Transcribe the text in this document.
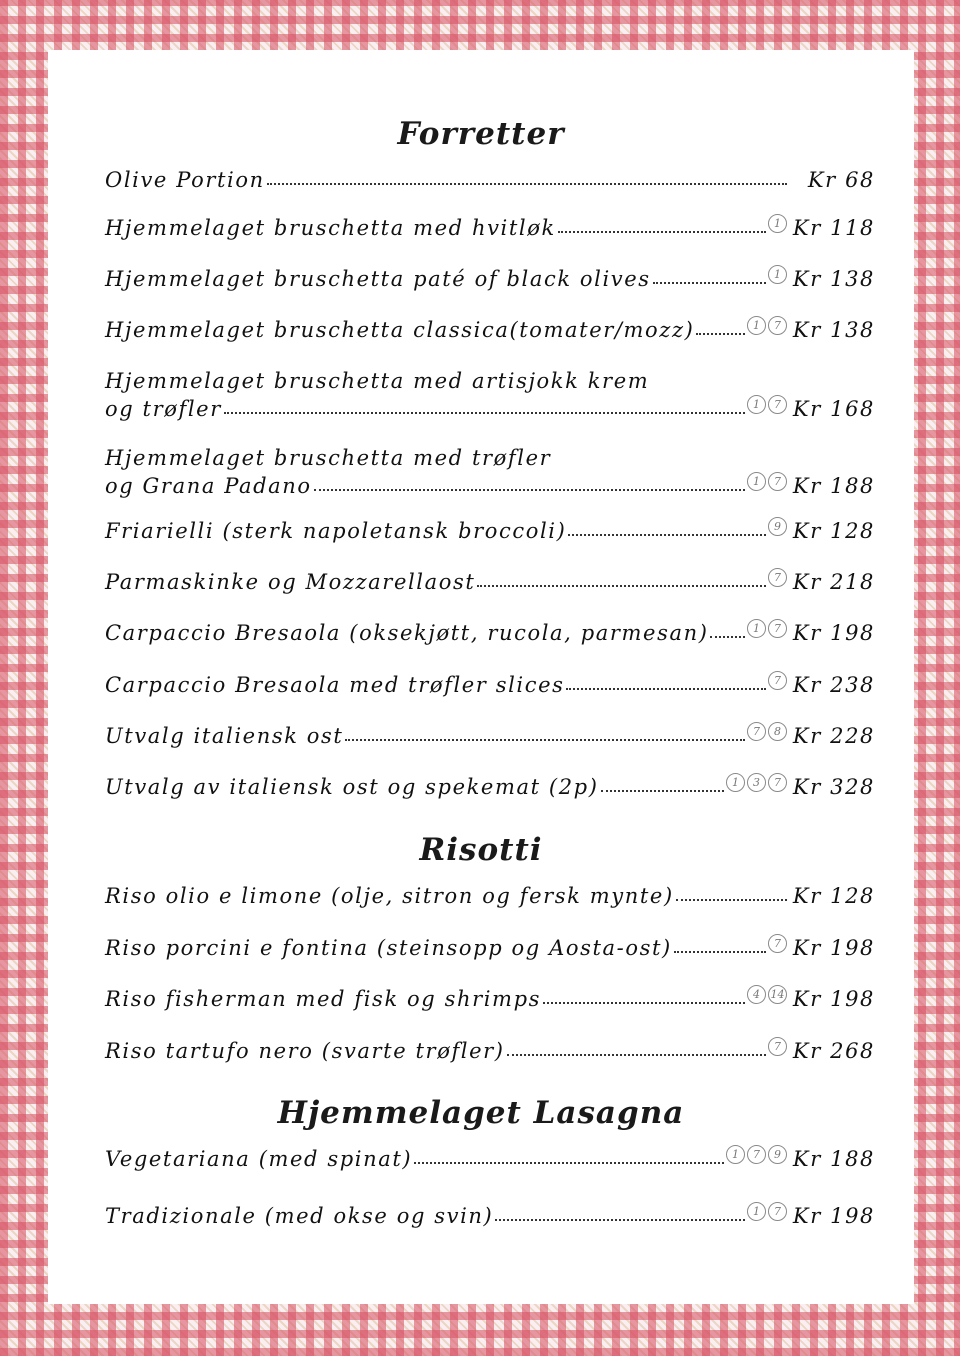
Forretter
Olive Portion	Kr 68
Hjemmelaget bruschetta med hvitløk	1 Kr 118
Hjemmelaget bruschetta paté of black olives	1 Kr 138
Hjemmelaget bruschetta classica(tomater/mozz)	1	7 Kr 138
Hjemmelaget bruschetta med artisjokk krem
og trøfler	1	7 Kr 168
Hjemmelaget bruschetta med trøfler
og Grana Padano	1	7 Kr 188
Friarielli (sterk napoletansk broccoli)	9 Kr 128
Parmaskinke og Mozzarellaost	7 Kr 218
Carpaccio Bresaola (oksekjøtt, rucola, parmesan)	1	7 Kr 198
Carpaccio Bresaola med trøfler slices	7 Kr 238
Utvalg italiensk ost	7	8 Kr 228
Utvalg av italiensk ost og spekemat (2p)	1	3	7 Kr 328
Risotti
Riso olio e limone (olje, sitron og fersk mynte)	Kr 128
Riso porcini e fontina (steinsopp og Aosta-ost)	7 Kr 198
Riso fisherman med fisk og shrimps	4 14 Kr 198
Riso tartufo nero (svarte trøfler)	7 Kr 268
Hjemmelaget Lasagna
Vegetariana (med spinat)	1	7	9 Kr 188
Tradizionale (med okse og svin)	1	7 Kr 198
